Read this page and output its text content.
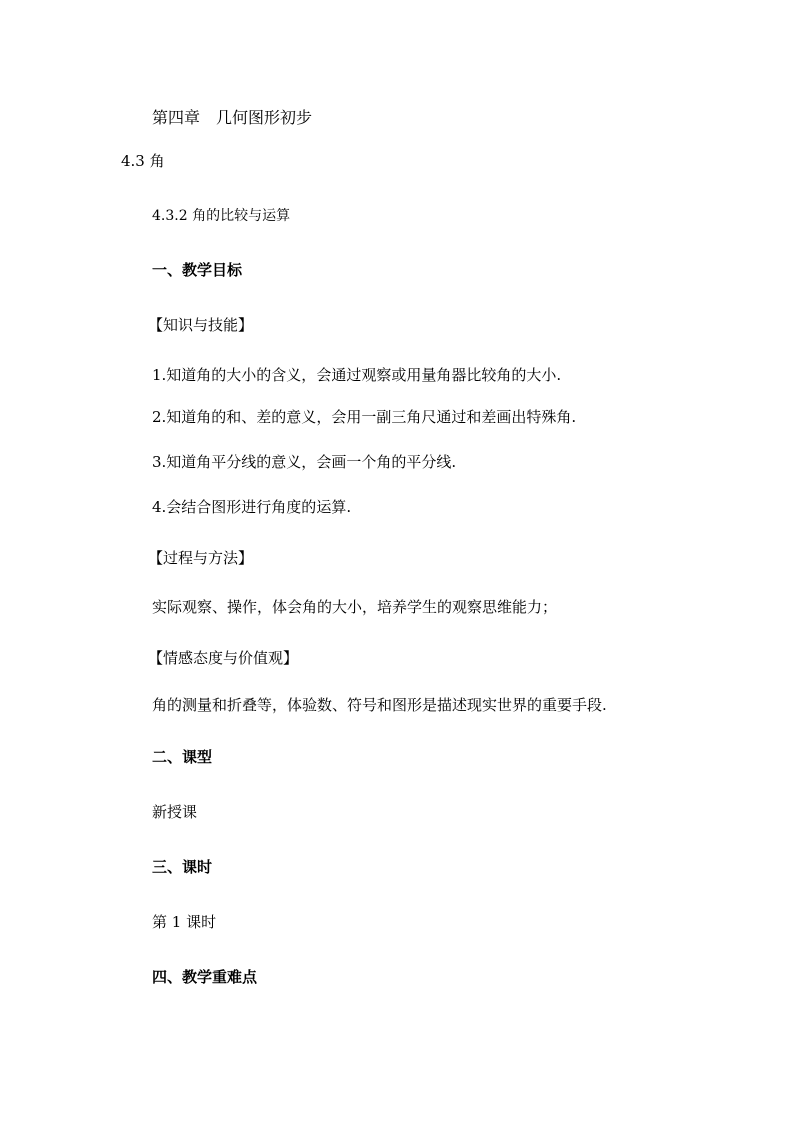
第四章 几何图形初步
4.3 角
4.3.2 角的比较与运算
一、教学目标
【知识与技能】
1.知道角的大小的含义，会通过观察或用量角器比较角的大小.
2.知道角的和、差的意义，会用一副三角尺通过和差画出特殊角.
3.知道角平分线的意义，会画一个角的平分线.
4.会结合图形进行角度的运算.
【过程与方法】
实际观察、操作，体会角的大小，培养学生的观察思维能力；
【情感态度与价值观】
角的测量和折叠等，体验数、符号和图形是描述现实世界的重要手段.
二、课型
新授课
三、课时
第 1 课时
四、教学重难点
